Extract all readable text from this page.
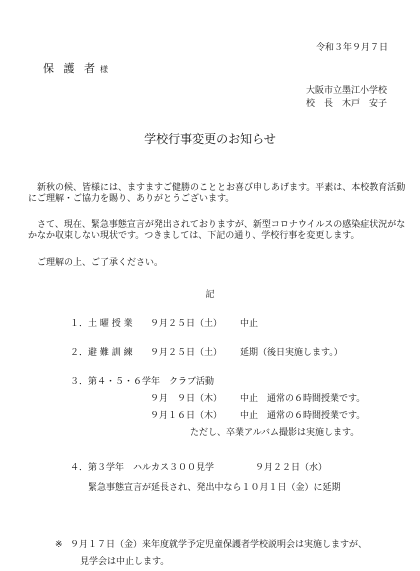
令和３年９月７日
保 護 者 様
大阪市立墨江小学校
校　長　木戸　安子
学校行事変更のお知らせ
新秋の候、皆様には、ますますご健勝のこととお喜び申しあげます。平素は、本校教育活動にご理解・ご協力を賜り、ありがとうございます。
さて、現在、緊急事態宣言が発出されておりますが、新型コロナウイルスの感染症状況がなかなか収束しない現状です。つきましては、下記の通り、学校行事を変更します。
ご理解の上、ご了承ください。
記
１． 土 曜 授 業 ９月２５日（土） 中止
２． 避 難 訓 練 ９月２５日（土） 延期（後日実施します。）
３． 第４・５・６学年　クラブ活動
９月　９日（木） 中止　通常の６時間授業です。
９月１６日（木） 中止　通常の６時間授業です。
ただし、卒業アルバム撮影は実施します。
４． 第３学年　ハルカス３００見学	９月２２日（水）
緊急事態宣言が延長され、発出中なら１０月１日（金）に延期
※ ９月１７日（金）来年度就学予定児童保護者学校説明会は実施しますが、
見学会は中止します。
